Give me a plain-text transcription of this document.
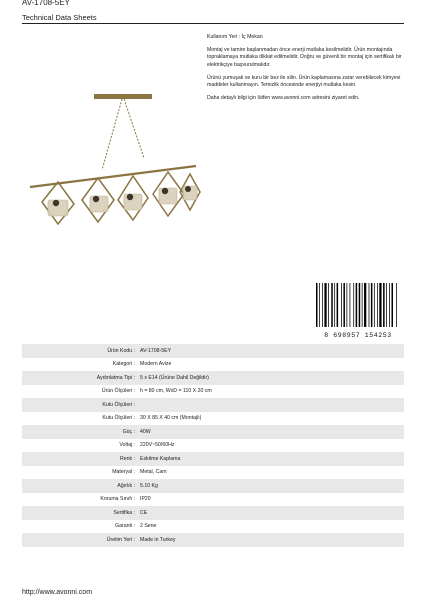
AV-1708-5EY
Technical Data Sheets

Kullanım Yeri : İç Mekan

Montaj ve tamire başlanmadan önce enerji mutlaka kesilmelidir. Ürün montajında topraklamaya mutlaka dikkat edilmelidir. Doğru ve güvenli bir montaj için sertifikalı bir elektrikçiye başvurulmalıdır.

Ürünü yumuşak ve kuru bir bez ile silin. Ürün kaplamasına zarar verebilecek kimyevi maddeler kullanmayın. Temizlik öncesinde enerjiyi mutlaka kesin.

Daha detaylı bilgi için lütfen www.avonni.com adresini ziyaret edin.

8 698957 154253
Ürün Kodu :	AV-1708-5EY
Kategori :	Modern Avize
Aydınlatma Tipi :	5 x E14 (Ürüne Dahil Değildir)
Ürün Ölçüleri :	h = 80 cm, WxD = 110 X 20 cm
Kutu Ölçüleri :	
Kutu Ölçüleri :	30 X 85 X 40 cm (Montajlı)
Güç :	40W
Voltaj :	220V~50/60Hz
Renk :	Eskitme Kaplama
Materyal :	Metal, Cam
Ağırlık :	5.10 Kg
Koruma Sınıfı :	IP20
Sertifika :	CE
Garanti :	2 Sene
Üretim Yeri :	Made in Turkey
http://www.avonni.com
